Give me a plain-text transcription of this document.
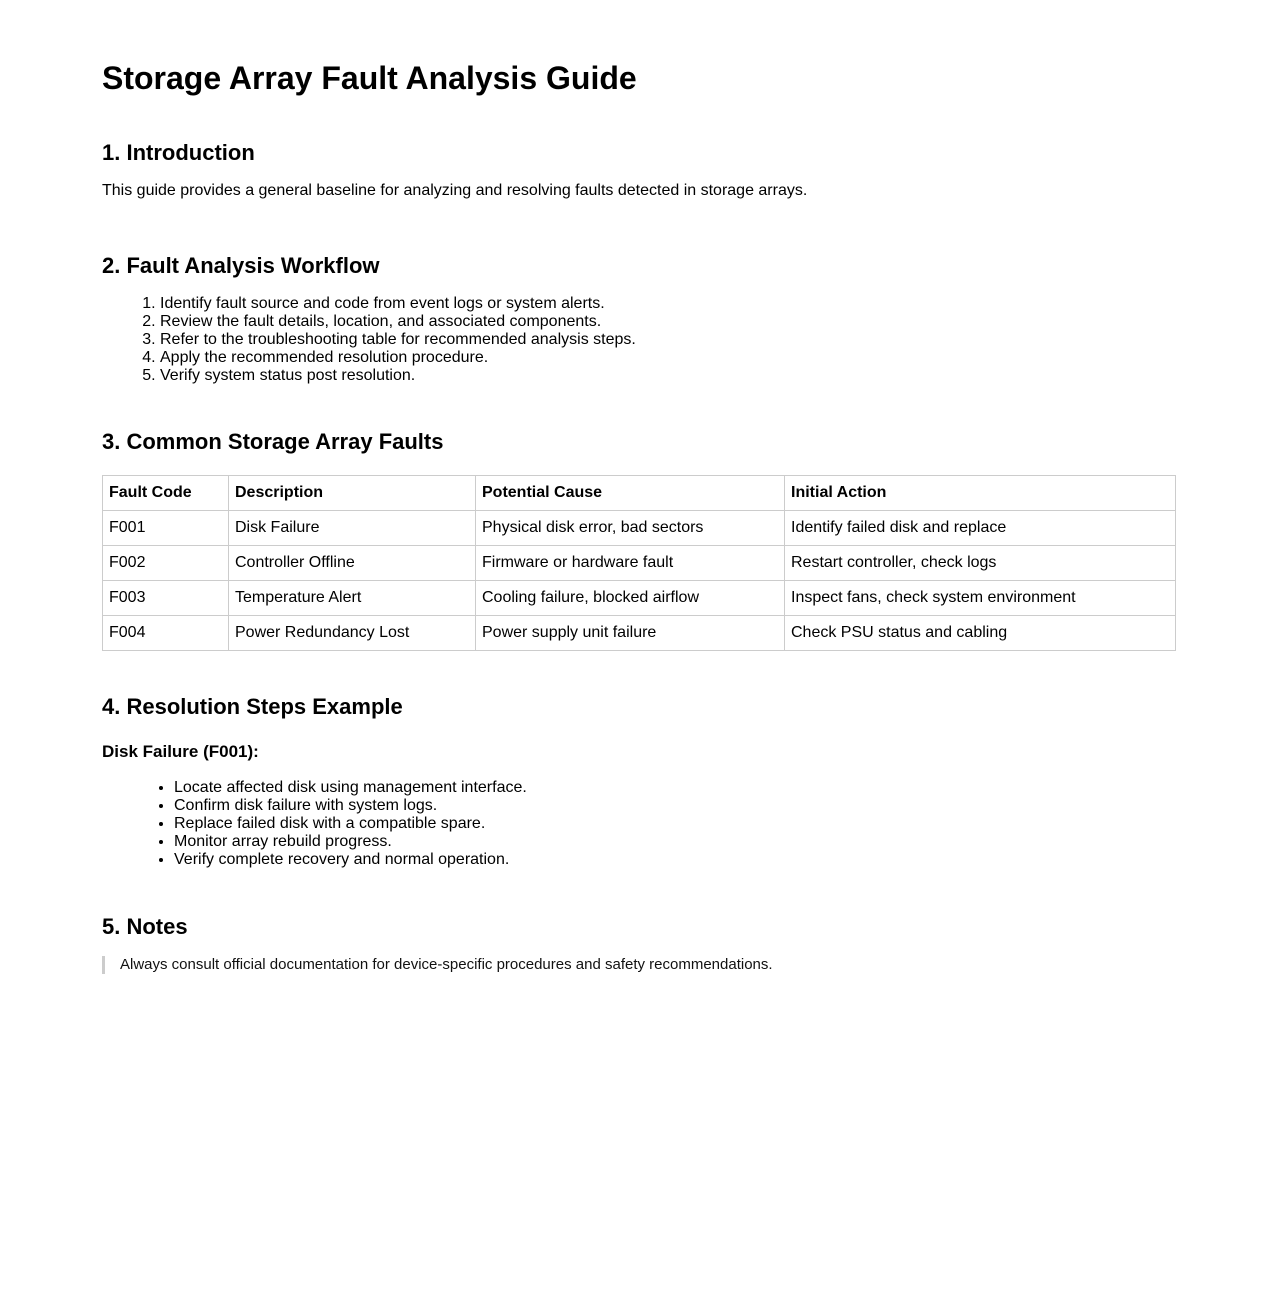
Storage Array Fault Analysis Guide
1. Introduction

This guide provides a general baseline for analyzing and resolving faults detected in storage arrays.

2. Fault Analysis Workflow
1. Identify fault source and code from event logs or system alerts.
2. Review the fault details, location, and associated components.
3. Refer to the troubleshooting table for recommended analysis steps.
4. Apply the recommended resolution procedure.
5. Verify system status post resolution.
3. Common Storage Array Faults
Fault Code	Description	Potential Cause	Initial Action
F001	Disk Failure	Physical disk error, bad sectors	Identify failed disk and replace
F002	Controller Offline	Firmware or hardware fault	Restart controller, check logs
F003	Temperature Alert	Cooling failure, blocked airflow	Inspect fans, check system environment
F004	Power Redundancy Lost	Power supply unit failure	Check PSU status and cabling
4. Resolution Steps Example
Disk Failure (F001):
• Locate affected disk using management interface.
• Confirm disk failure with system logs.
• Replace failed disk with a compatible spare.
• Monitor array rebuild progress.
• Verify complete recovery and normal operation.
5. Notes
Always consult official documentation for device-specific procedures and safety recommendations.
